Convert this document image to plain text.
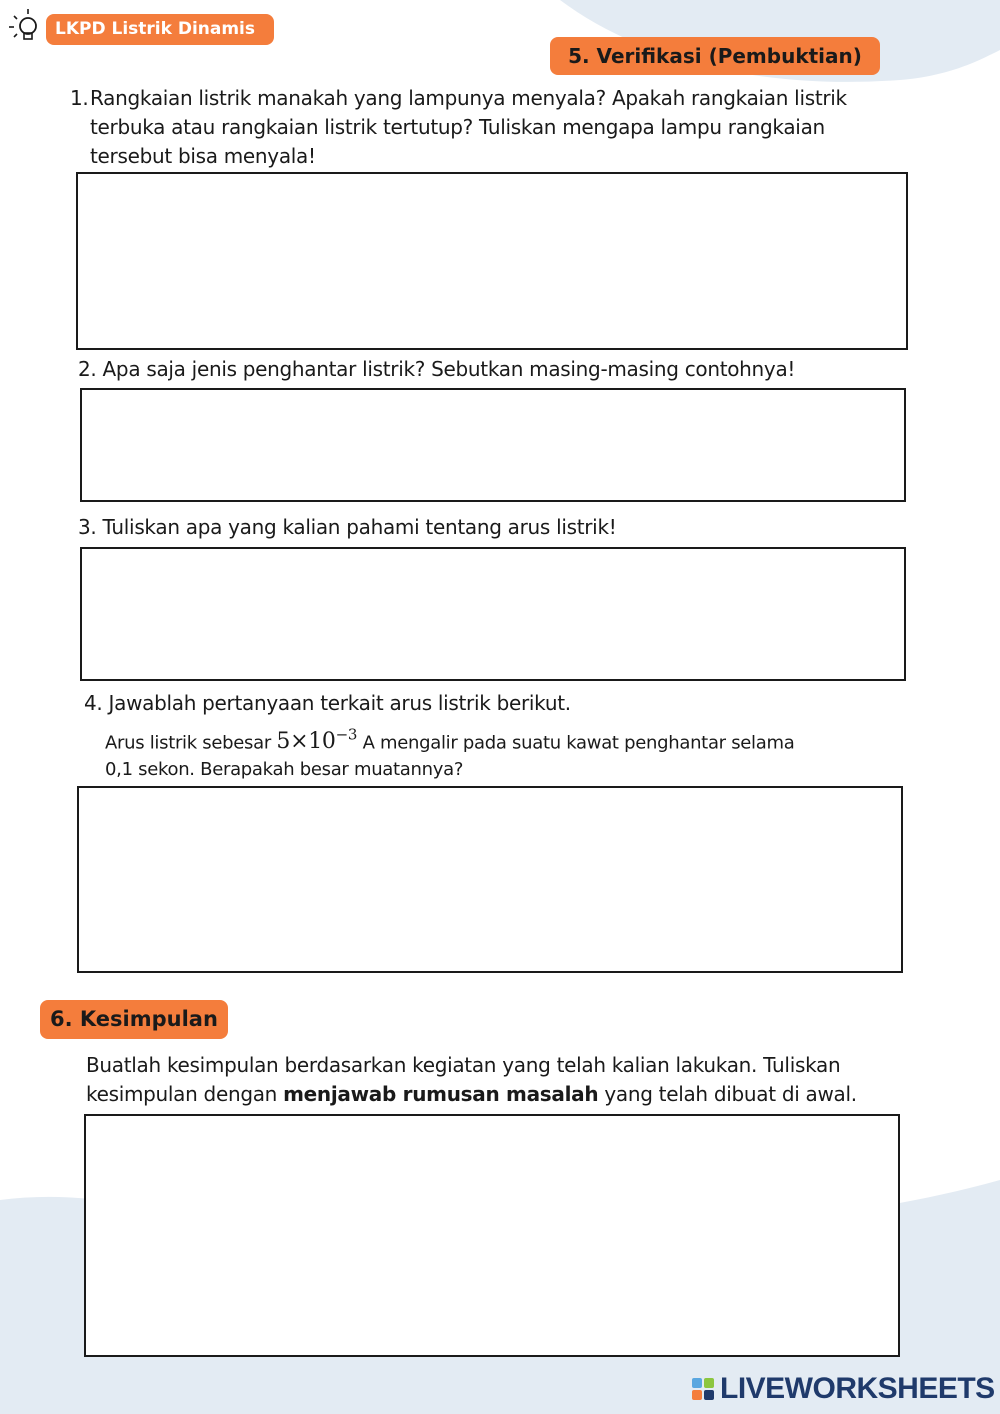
LKPD Listrik Dinamis
5. Verifikasi (Pembuktian)
1. Rangkaian listrik manakah yang lampunya menyala? Apakah rangkaian listrik
terbuka atau rangkaian listrik tertutup? Tuliskan mengapa lampu rangkaian
tersebut bisa menyala!
2. Apa saja jenis penghantar listrik? Sebutkan masing-masing contohnya!
3. Tuliskan apa yang kalian pahami tentang arus listrik!
4. Jawablah pertanyaan terkait arus listrik berikut.
Arus listrik sebesar $5\times 10^{-3}$ A mengalir pada suatu kawat penghantar selama
0,1 sekon. Berapakah besar muatannya?
6. Kesimpulan
Buatlah kesimpulan berdasarkan kegiatan yang telah kalian lakukan. Tuliskan
kesimpulan dengan menjawab rumusan masalah yang telah dibuat di awal.
LIVEWORKSHEETS
